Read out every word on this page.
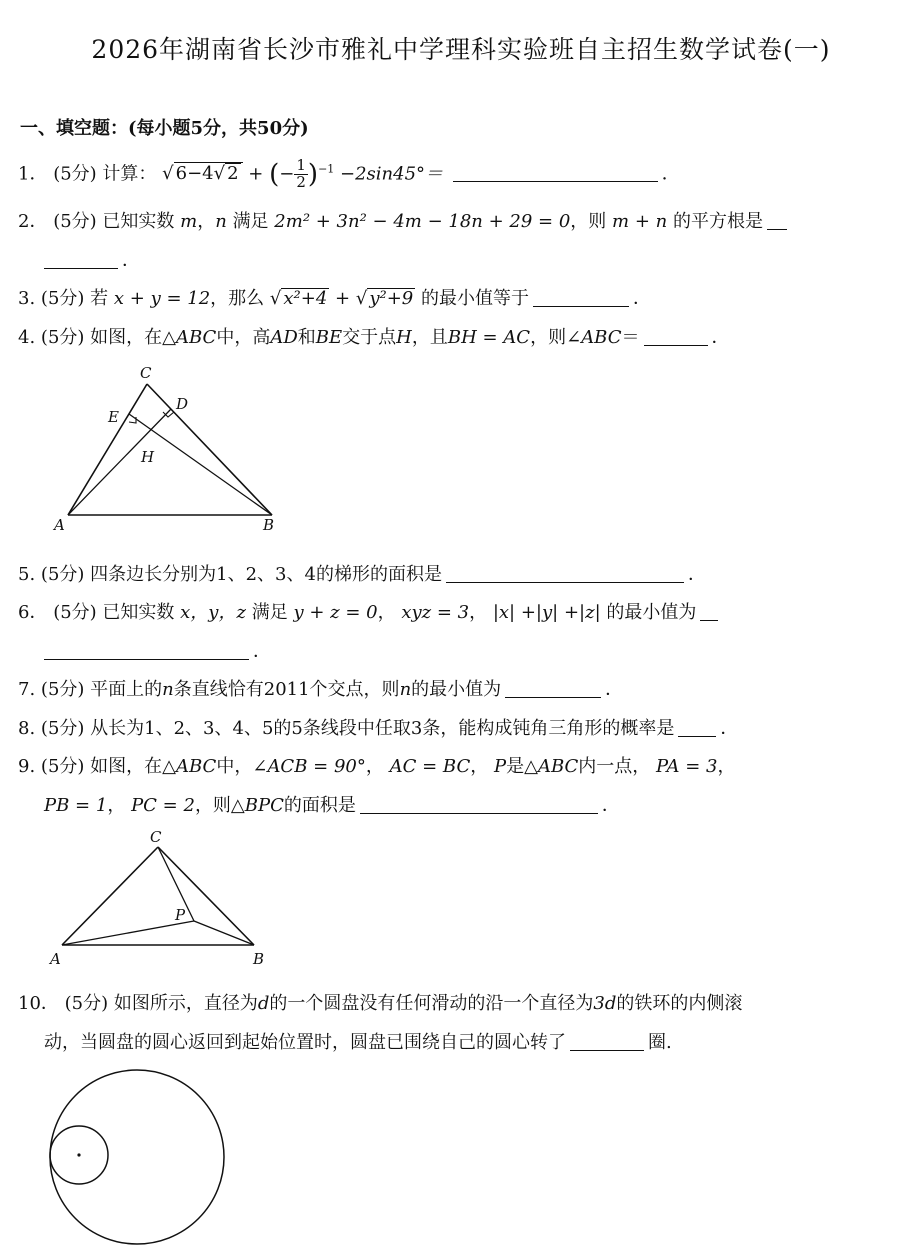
2026年湖南省长沙市雅礼中学理科实验班自主招生数学试卷(一)
一、填空题：(每小题5分，共50分)
1． (5分) 计算： √ 6−4√ 2 + (− $\frac{1}{2} )^{-1} -2\sin 45^\circ=$	．
2． (5分) 已知实数 m，n 满足 2m² + 3n² − 4m − 18n + 29 = 0，则 m + n 的平方根是
．
3. (5分) 若 x + y = 12，那么 √ x²+4 + √ y²+9 的最小值等于	．
4. (5分) 如图，在△ABC中，高AD和BE交于点H，且BH = AC，则∠ABC＝	．
C
E
D
H
A	B
5. (5分) 四条边长分别为1、2、3、4的梯形的面积是	．
6． (5分) 已知实数 x，y，z 满足 y + z = 0， xyz = 3， |x| +|y| +|z| 的最小值为
．
7. (5分) 平面上的n条直线恰有2011个交点，则n的最小值为	．
8. (5分) 从长为1、2、3、4、5的5条线段中任取3条，能构成钝角三角形的概率是	．
9. (5分) 如图，在△ABC中，∠ACB = 90°， AC = BC， P是△ABC内一点， PA = 3，
PB = 1， PC = 2，则△BPC的面积是	．
C
P
A	B
10． (5分) 如图所示，直径为d的一个圆盘没有任何滑动的沿一个直径为3d的铁环的内侧滚
动，当圆盘的圆心返回到起始位置时，圆盘已围绕自己的圆心转了	圈.
